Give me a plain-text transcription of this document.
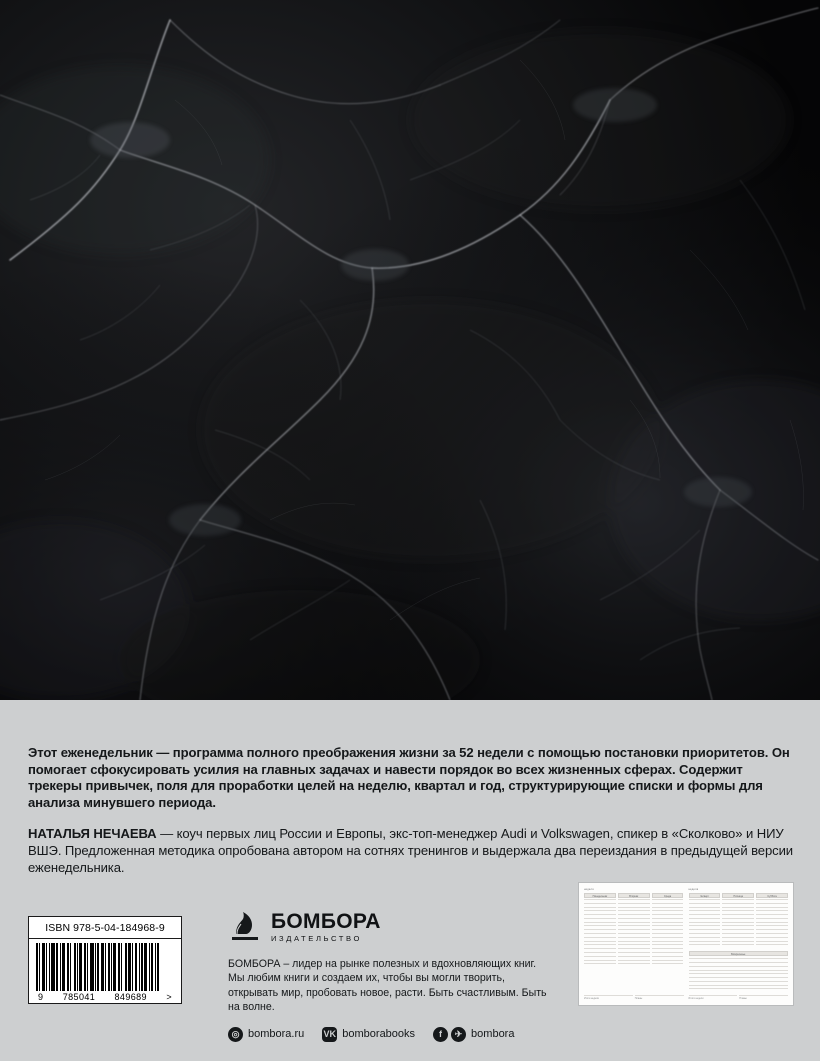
Этот еженедельник — программа полного преображения жизни за 52 недели с помощью постановки приоритетов. Он помогает сфокусировать усилия на главных задачах и навести порядок во всех жизненных сферах. Содержит трекеры привычек, поля для проработки целей на неделю, квартал и год, структурирующие списки и формы для анализа минувшего периода.

НАТАЛЬЯ НЕЧАЕВА — коуч первых лиц России и Европы, экс-топ-менеджер Audi и Volkswagen, спикер в «Сколково» и НИУ ВШЭ. Предложенная методика опробована автором на сотнях тренингов и выдержала два переиздания в предыдущей версии еженедельника.

ISBN 978-5-04-184968-9
9 785041 849689 >
БОМБОРА
ИЗДАТЕЛЬСТВО
БОМБОРА – лидер на рынке полезных и вдохновляющих книг. Мы любим книги и создаем их, чтобы вы могли творить, открывать мир, пробовать новое, расти. Быть счастливым. Быть на волне.
◎ bombora.ru VK bomborabooks	f	✈ bombora
неделя
Понедельник	Вторник	Среда
Итоги недели	Планы
неделя
Четверг	Пятница	Суббота
Воскресенье
Итоги недели	Планы
